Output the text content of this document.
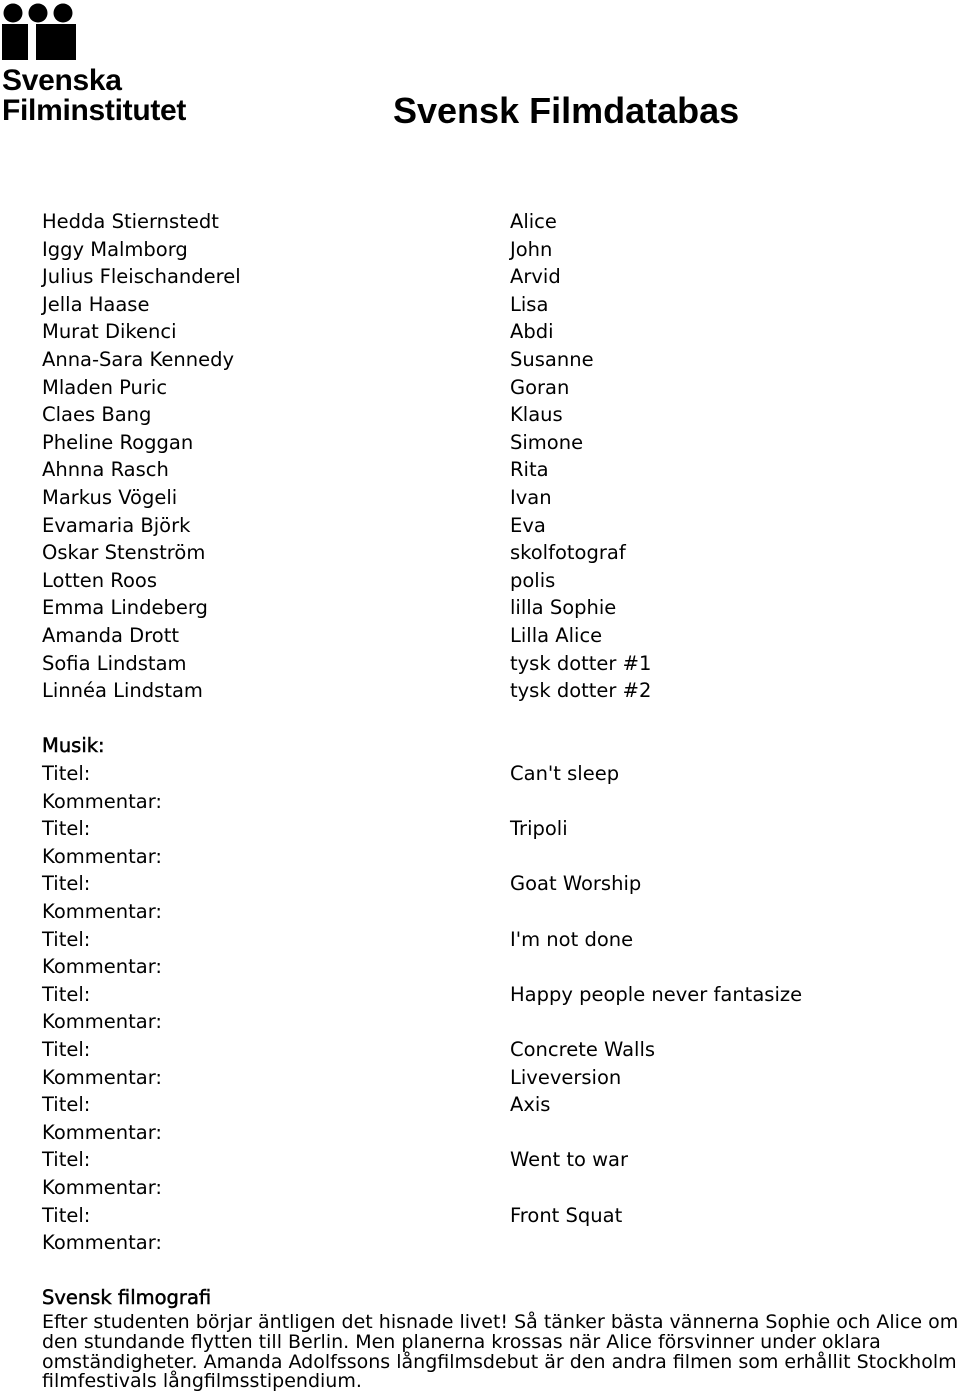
Svenska
Filminstitutet	Svensk Filmdatabas
Hedda Stiernstedt
Iggy Malmborg
Julius Fleischanderel
Jella Haase
Murat Dikenci
Anna-Sara Kennedy
Mladen Puric
Claes Bang
Pheline Roggan
Ahnna Rasch
Markus Vögeli
Evamaria Björk
Oskar Stenström
Lotten Roos
Emma Lindeberg
Amanda Drott
Sofia Lindstam
Linnéa Lindstam
Alice
John
Arvid
Lisa
Abdi
Susanne
Goran
Klaus
Simone
Rita
Ivan
Eva
skolfotograf
polis
lilla Sophie
Lilla Alice
tysk dotter #1
tysk dotter #2
Musik:
Titel:
Kommentar:
Titel:
Kommentar:
Titel:
Kommentar:
Titel:
Kommentar:
Titel:
Kommentar:
Titel:
Kommentar:
Titel:
Kommentar:
Titel:
Kommentar:
Titel:
Kommentar:
Can't sleep
Tripoli
Goat Worship
I'm not done
Happy people never fantasize
Concrete Walls
Liveversion
Axis
Went to war
Front Squat
Svensk filmografi

Efter studenten börjar äntligen det hisnade livet! Så tänker bästa vännerna Sophie och Alice om den stundande flytten till Berlin. Men planerna krossas när Alice försvinner under oklara omständigheter. Amanda Adolfssons långfilmsdebut är den andra filmen som erhållit Stockholm filmfestivals långfilmsstipendium.
